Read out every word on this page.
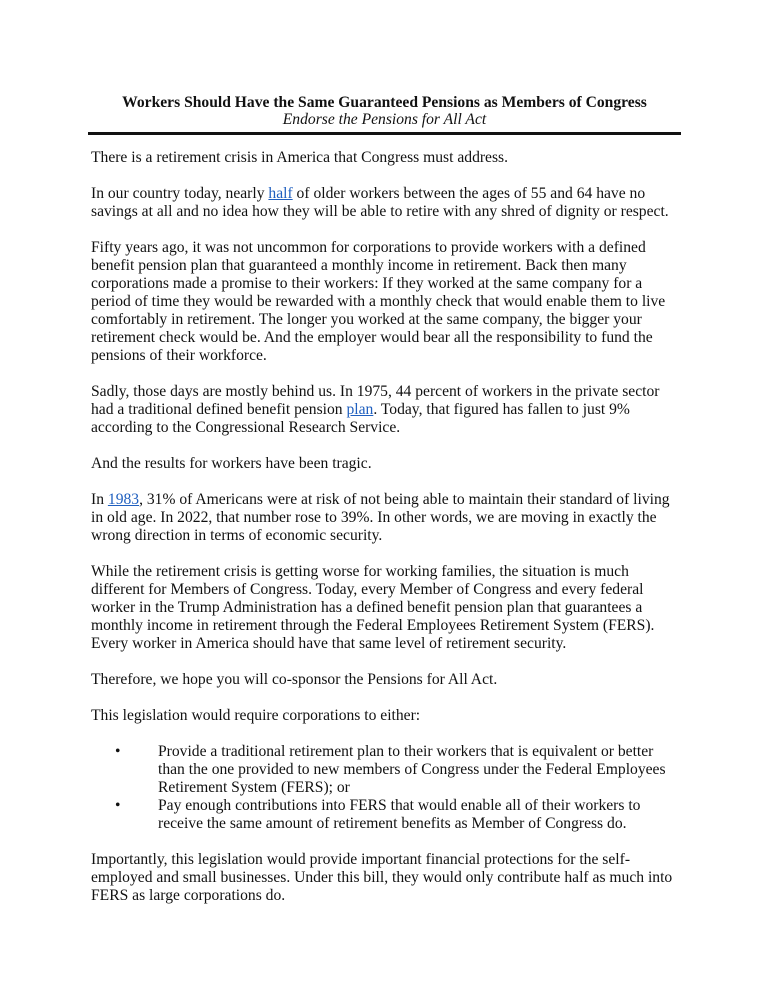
Workers Should Have the Same Guaranteed Pensions as Members of Congress

Endorse the Pensions for All Act

There is a retirement crisis in America that Congress must address.

In our country today, nearly half of older workers between the ages of 55 and 64 have no savings at all and no idea how they will be able to retire with any shred of dignity or respect.

Fifty years ago, it was not uncommon for corporations to provide workers with a defined benefit pension plan that guaranteed a monthly income in retirement. Back then many corporations made a promise to their workers: If they worked at the same company for a period of time they would be rewarded with a monthly check that would enable them to live comfortably in retirement. The longer you worked at the same company, the bigger your retirement check would be. And the employer would bear all the responsibility to fund the pensions of their workforce.

Sadly, those days are mostly behind us. In 1975, 44 percent of workers in the private sector had a traditional defined benefit pension plan. Today, that figured has fallen to just 9% according to the Congressional Research Service.

And the results for workers have been tragic.

In 1983, 31% of Americans were at risk of not being able to maintain their standard of living in old age. In 2022, that number rose to 39%. In other words, we are moving in exactly the wrong direction in terms of economic security.

While the retirement crisis is getting worse for working families, the situation is much different for Members of Congress. Today, every Member of Congress and every federal worker in the Trump Administration has a defined benefit pension plan that guarantees a monthly income in retirement through the Federal Employees Retirement System (FERS). Every worker in America should have that same level of retirement security.

Therefore, we hope you will co-sponsor the Pensions for All Act.

This legislation would require corporations to either:

• Provide a traditional retirement plan to their workers that is equivalent or better than the one provided to new members of Congress under the Federal Employees Retirement System (FERS); or
• Pay enough contributions into FERS that would enable all of their workers to receive the same amount of retirement benefits as Member of Congress do.

Importantly, this legislation would provide important financial protections for the self-employed and small businesses. Under this bill, they would only contribute half as much into FERS as large corporations do.
